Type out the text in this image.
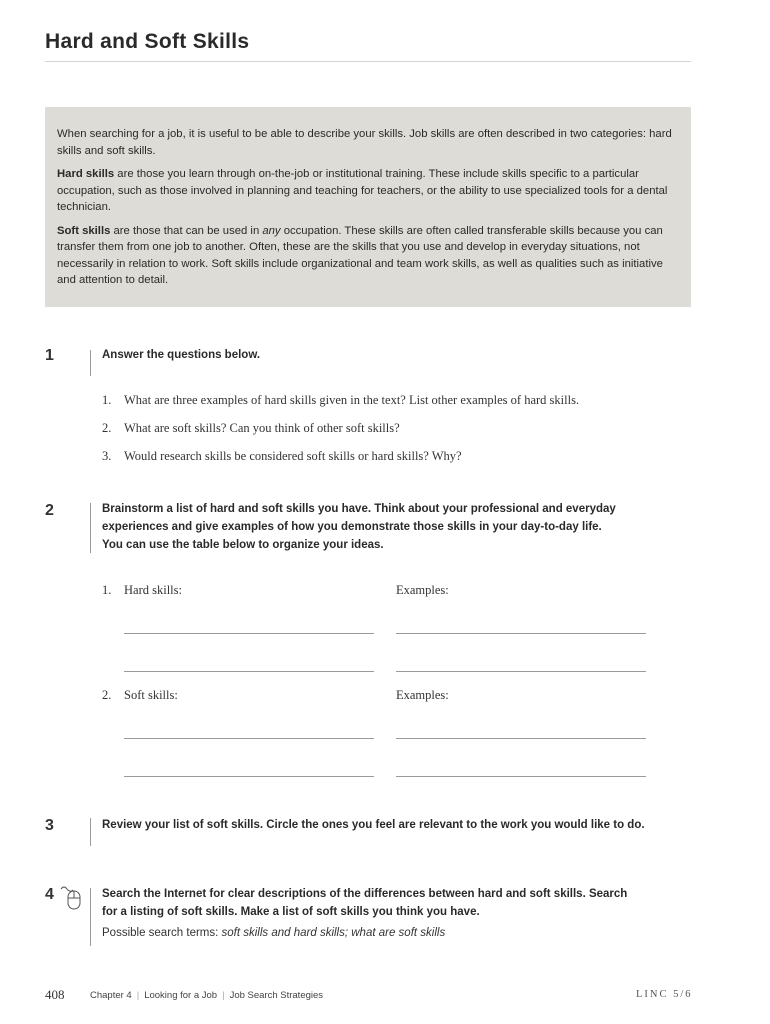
Hard and Soft Skills

When searching for a job, it is useful to be able to describe your skills. Job skills are often described in two categories: hard skills and soft skills.

Hard skills are those you learn through on-the-job or institutional training. These include skills specific to a particular occupation, such as those involved in planning and teaching for teachers, or the ability to use specialized tools for a dental technician.

Soft skills are those that can be used in any occupation. These skills are often called transferable skills because you can transfer them from one job to another. Often, these are the skills that you use and develop in everyday situations, not necessarily in relation to work. Soft skills include organizational and team work skills, as well as qualities such as initiative and attention to detail.

1	Answer the questions below.
1. What are three examples of hard skills given in the text? List other examples of hard skills.
2. What are soft skills? Can you think of other soft skills?
3. Would research skills be considered soft skills or hard skills? Why?
2	Brainstorm a list of hard and soft skills you have. Think about your professional and everyday
experiences and give examples of how you demonstrate those skills in your day-to-day life.
You can use the table below to organize your ideas.
1. Hard skills:	Examples:
2. Soft skills:	Examples:
3	Review your list of soft skills. Circle the ones you feel are relevant to the work you would like to do.
4	Search the Internet for clear descriptions of the differences between hard and soft skills. Search
for a listing of soft skills. Make a list of soft skills you think you have.
Possible search terms: soft skills and hard skills; what are soft skills
408	Chapter 4 | Looking for a Job | Job Search Strategies	LINC 5/6
